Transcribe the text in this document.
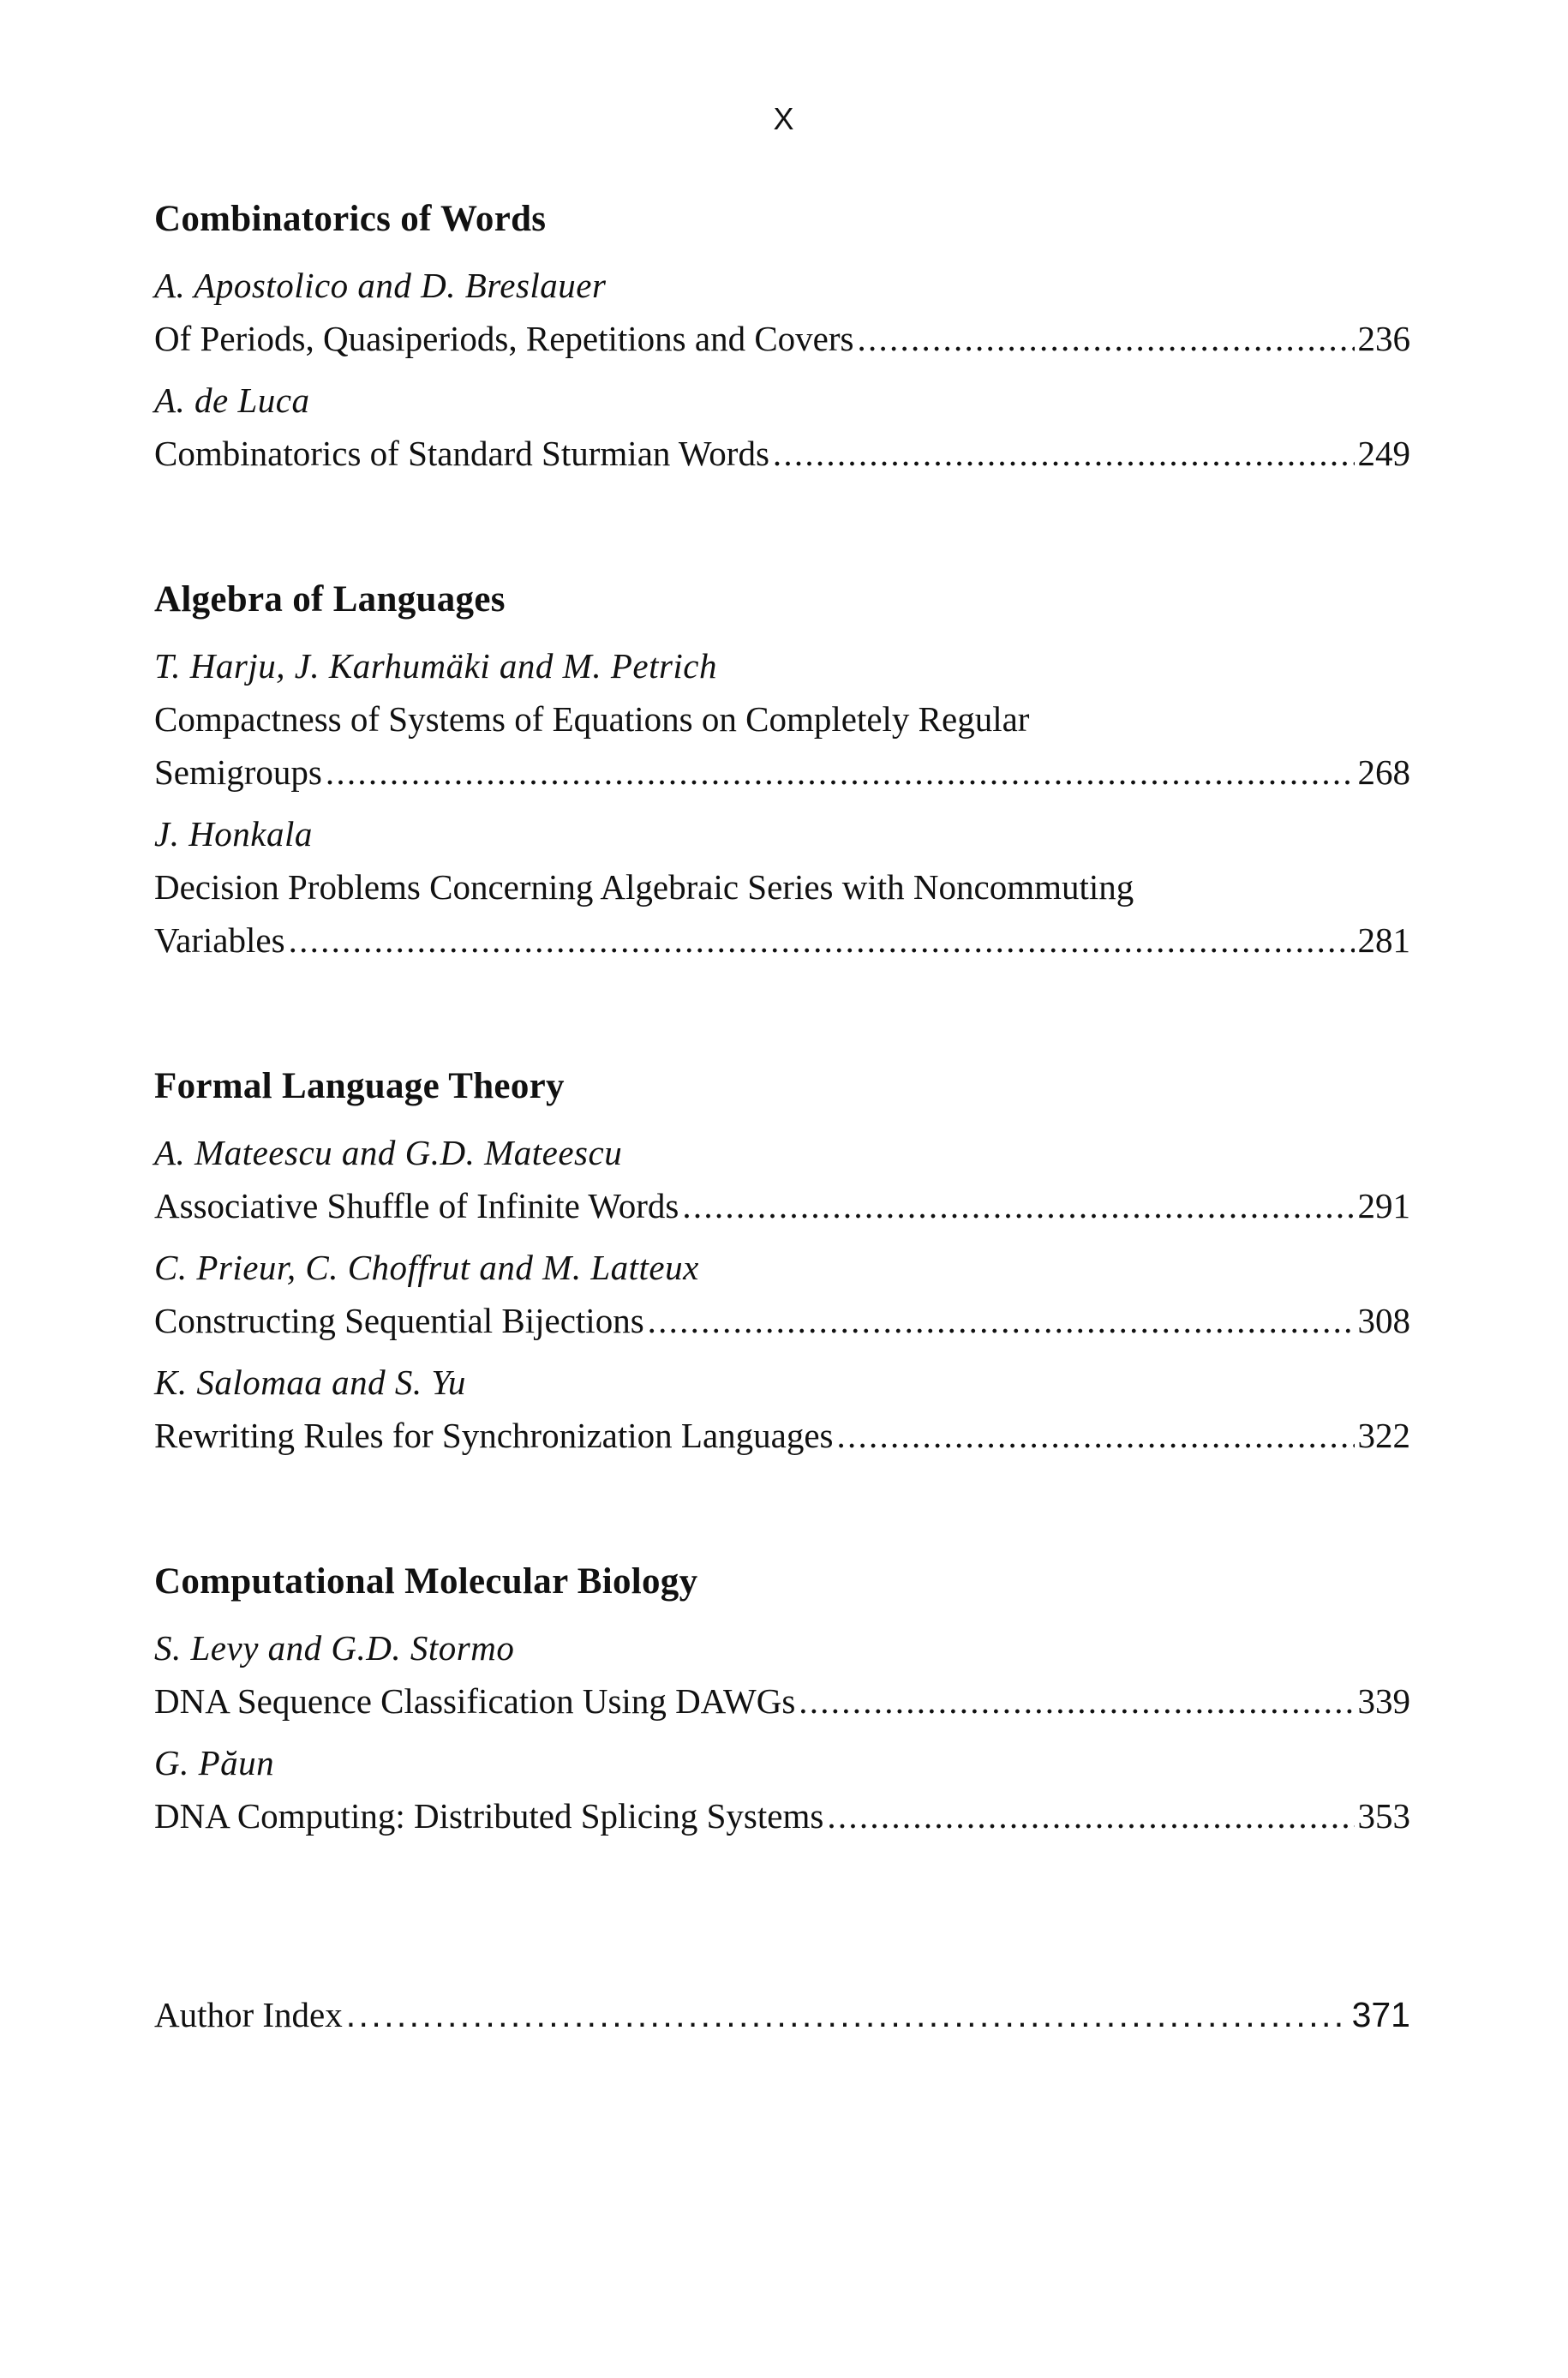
X
Combinatorics of Words
A. Apostolico and D. Breslauer
Of Periods, Quasiperiods, Repetitions and Covers . . .	236
A. de Luca
Combinatorics of Standard Sturmian Words . . .	249
Algebra of Languages
T. Harju, J. Karhumäki and M. Petrich
Compactness of Systems of Equations on Completely Regular
Semigroups . . .	268
J. Honkala
Decision Problems Concerning Algebraic Series with Noncommuting
Variables . . .	281
Formal Language Theory
A. Mateescu and G.D. Mateescu
Associative Shuffle of Infinite Words . . .	291
C. Prieur, C. Choffrut and M. Latteux
Constructing Sequential Bijections . . .	308
K. Salomaa and S. Yu
Rewriting Rules for Synchronization Languages . . .	322
Computational Molecular Biology
S. Levy and G.D. Stormo
DNA Sequence Classification Using DAWGs . . .	339
G. Păun
DNA Computing: Distributed Splicing Systems . . .	353
Author Index . . .	371
